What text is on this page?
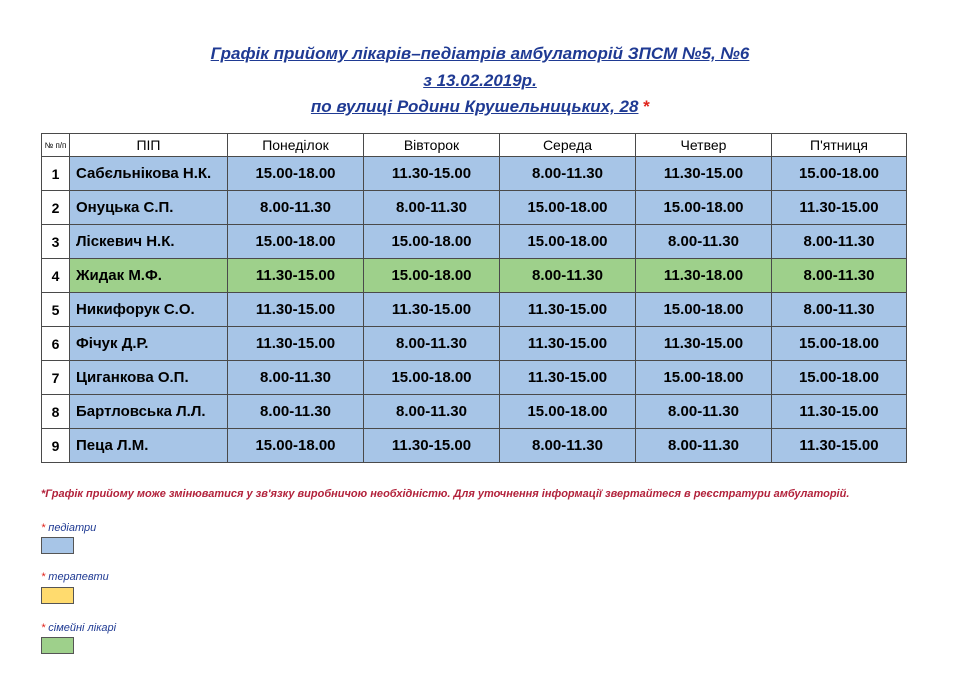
Графік прийому лікарів–педіатрів амбулаторій ЗПСМ №5, №6
з 13.02.2019р.
по вулиці Родини Крушельницьких, 28 *
№ п/п	ПІП	Понеділок	Вівторок	Середа	Четвер	П'ятниця
1	Сабєльнікова Н.К.	15.00-18.00	11.30-15.00	8.00-11.30	11.30-15.00	15.00-18.00
2	Онуцька С.П.	8.00-11.30	8.00-11.30	15.00-18.00	15.00-18.00	11.30-15.00
3	Ліскевич Н.К.	15.00-18.00	15.00-18.00	15.00-18.00	8.00-11.30	8.00-11.30
4	Жидак М.Ф.	11.30-15.00	15.00-18.00	8.00-11.30	11.30-18.00	8.00-11.30
5	Никифорук С.О.	11.30-15.00	11.30-15.00	11.30-15.00	15.00-18.00	8.00-11.30
6	Фічук Д.Р.	11.30-15.00	8.00-11.30	11.30-15.00	11.30-15.00	15.00-18.00
7	Циганкова О.П.	8.00-11.30	15.00-18.00	11.30-15.00	15.00-18.00	15.00-18.00
8	Бартловська Л.Л.	8.00-11.30	8.00-11.30	15.00-18.00	8.00-11.30	11.30-15.00
9	Пеца Л.М.	15.00-18.00	11.30-15.00	8.00-11.30	8.00-11.30	11.30-15.00
*Графік прийому може змінюватися у зв'язку виробничою необхідністю. Для уточнення інформації звертайтеся в реєстратури амбулаторій.
* педіатри
* терапевти
* сімейні лікарі
